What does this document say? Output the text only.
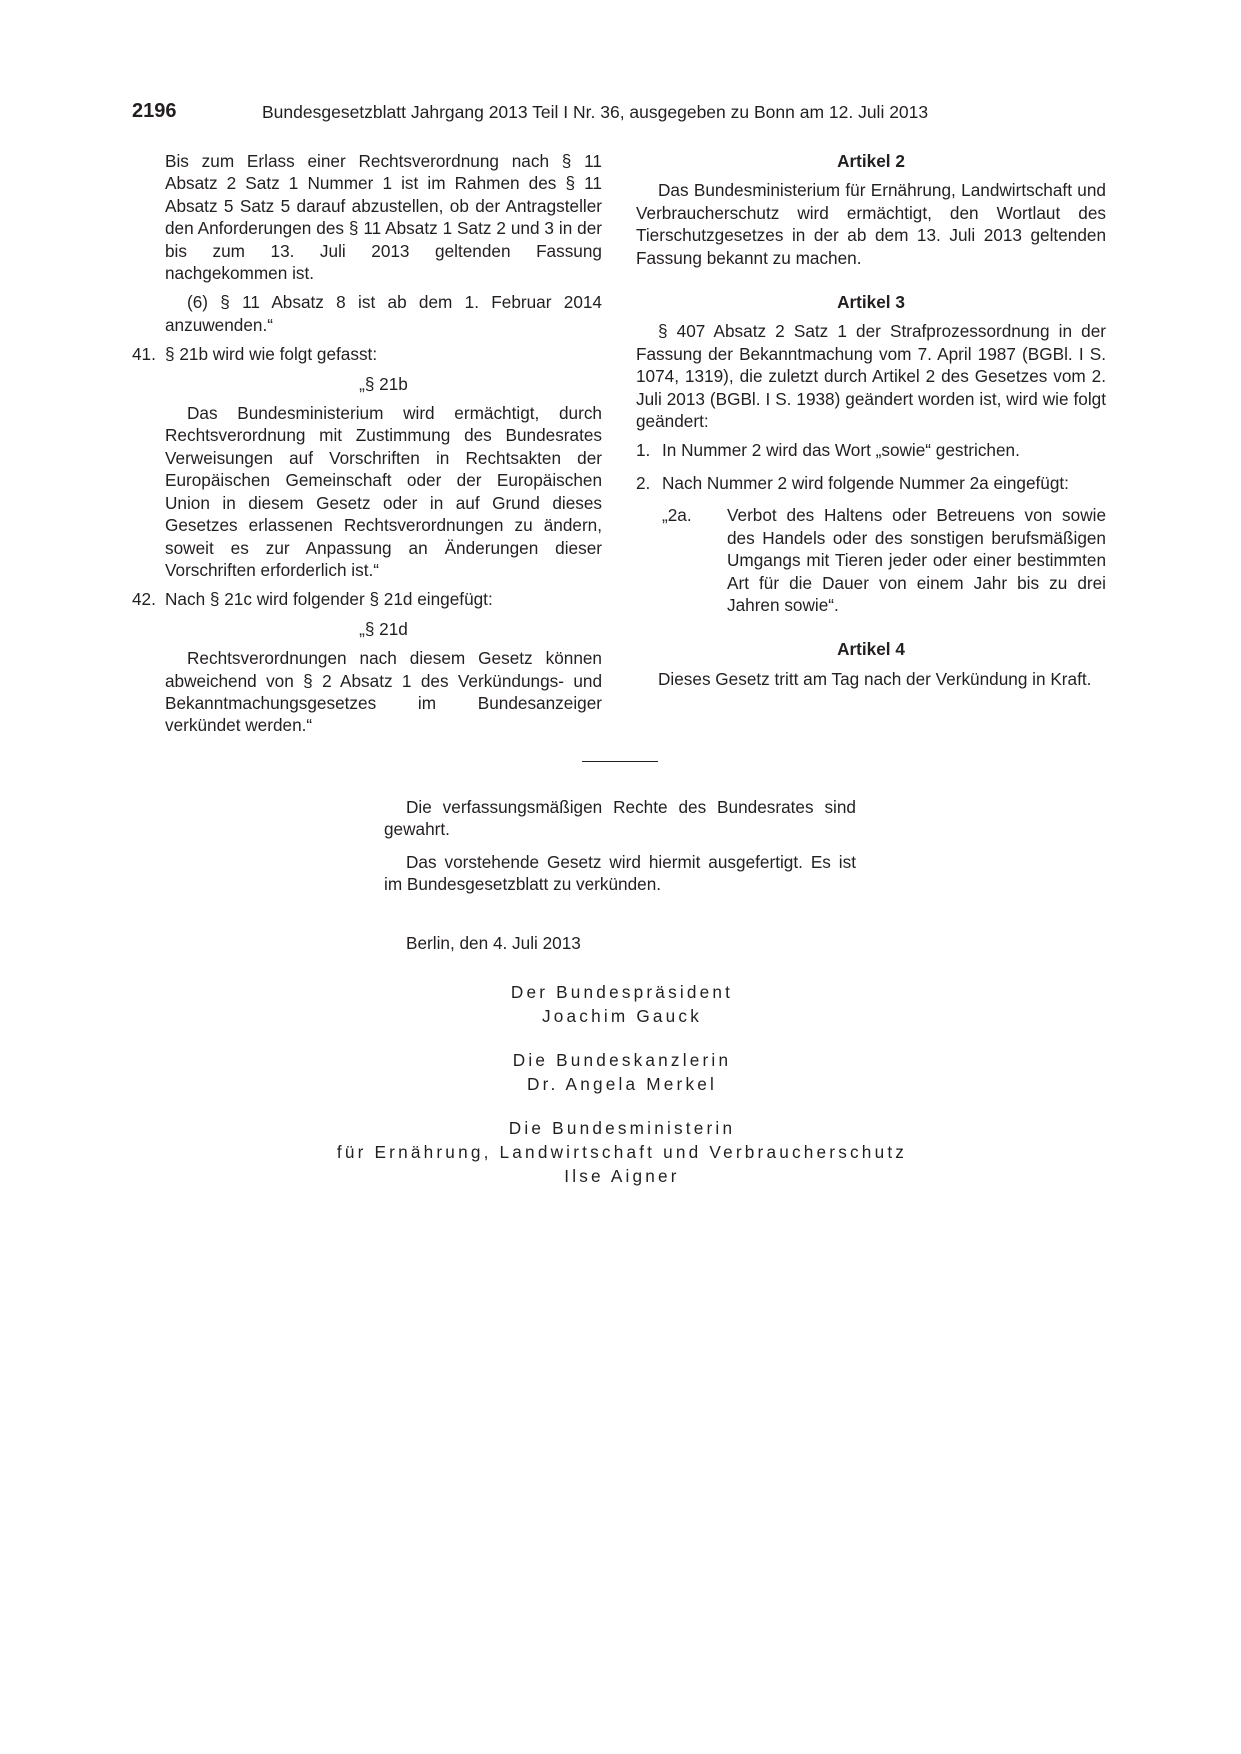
2196	Bundesgesetzblatt Jahrgang 2013 Teil I Nr. 36, ausgegeben zu Bonn am 12. Juli 2013

Bis zum Erlass einer Rechtsverordnung nach § 11 Absatz 2 Satz 1 Nummer 1 ist im Rahmen des § 11 Absatz 5 Satz 5 darauf abzustellen, ob der Antragsteller den Anforderungen des § 11 Absatz 1 Satz 2 und 3 in der bis zum 13. Juli 2013 geltenden Fassung nachgekommen ist.

(6) § 11 Absatz 8 ist ab dem 1. Februar 2014 anzuwenden.“

41. § 21b wird wie folgt gefasst:

„§ 21b

Das Bundesministerium wird ermächtigt, durch Rechtsverordnung mit Zustimmung des Bundesrates Verweisungen auf Vorschriften in Rechtsakten der Europäischen Gemeinschaft oder der Europäischen Union in diesem Gesetz oder in auf Grund dieses Gesetzes erlassenen Rechtsverordnungen zu ändern, soweit es zur Anpassung an Änderungen dieser Vorschriften erforderlich ist.“

42. Nach § 21c wird folgender § 21d eingefügt:

„§ 21d

Rechtsverordnungen nach diesem Gesetz können abweichend von § 2 Absatz 1 des Verkündungs- und Bekanntmachungsgesetzes im Bundesanzeiger verkündet werden.“

Artikel 2

Das Bundesministerium für Ernährung, Landwirtschaft und Verbraucherschutz wird ermächtigt, den Wortlaut des Tierschutzgesetzes in der ab dem 13. Juli 2013 geltenden Fassung bekannt zu machen.

Artikel 3

§ 407 Absatz 2 Satz 1 der Strafprozessordnung in der Fassung der Bekanntmachung vom 7. April 1987 (BGBl. I S. 1074, 1319), die zuletzt durch Artikel 2 des Gesetzes vom 2. Juli 2013 (BGBl. I S. 1938) geändert worden ist, wird wie folgt geändert:

1. In Nummer 2 wird das Wort „sowie“ gestrichen.
2. Nach Nummer 2 wird folgende Nummer 2a eingefügt:
„2a. Verbot des Haltens oder Betreuens von sowie des Handels oder des sonstigen berufsmäßigen Umgangs mit Tieren jeder oder einer bestimmten Art für die Dauer von einem Jahr bis zu drei Jahren sowie“.

Artikel 4

Dieses Gesetz tritt am Tag nach der Verkündung in Kraft.

Die verfassungsmäßigen Rechte des Bundesrates sind gewahrt.

Das vorstehende Gesetz wird hiermit ausgefertigt. Es ist im Bundesgesetzblatt zu verkünden.

Berlin, den 4. Juli 2013
Der Bundespräsident
Joachim Gauck
Die Bundeskanzlerin
Dr. Angela Merkel
Die Bundesministerin
für Ernährung, Landwirtschaft und Verbraucherschutz
Ilse Aigner
